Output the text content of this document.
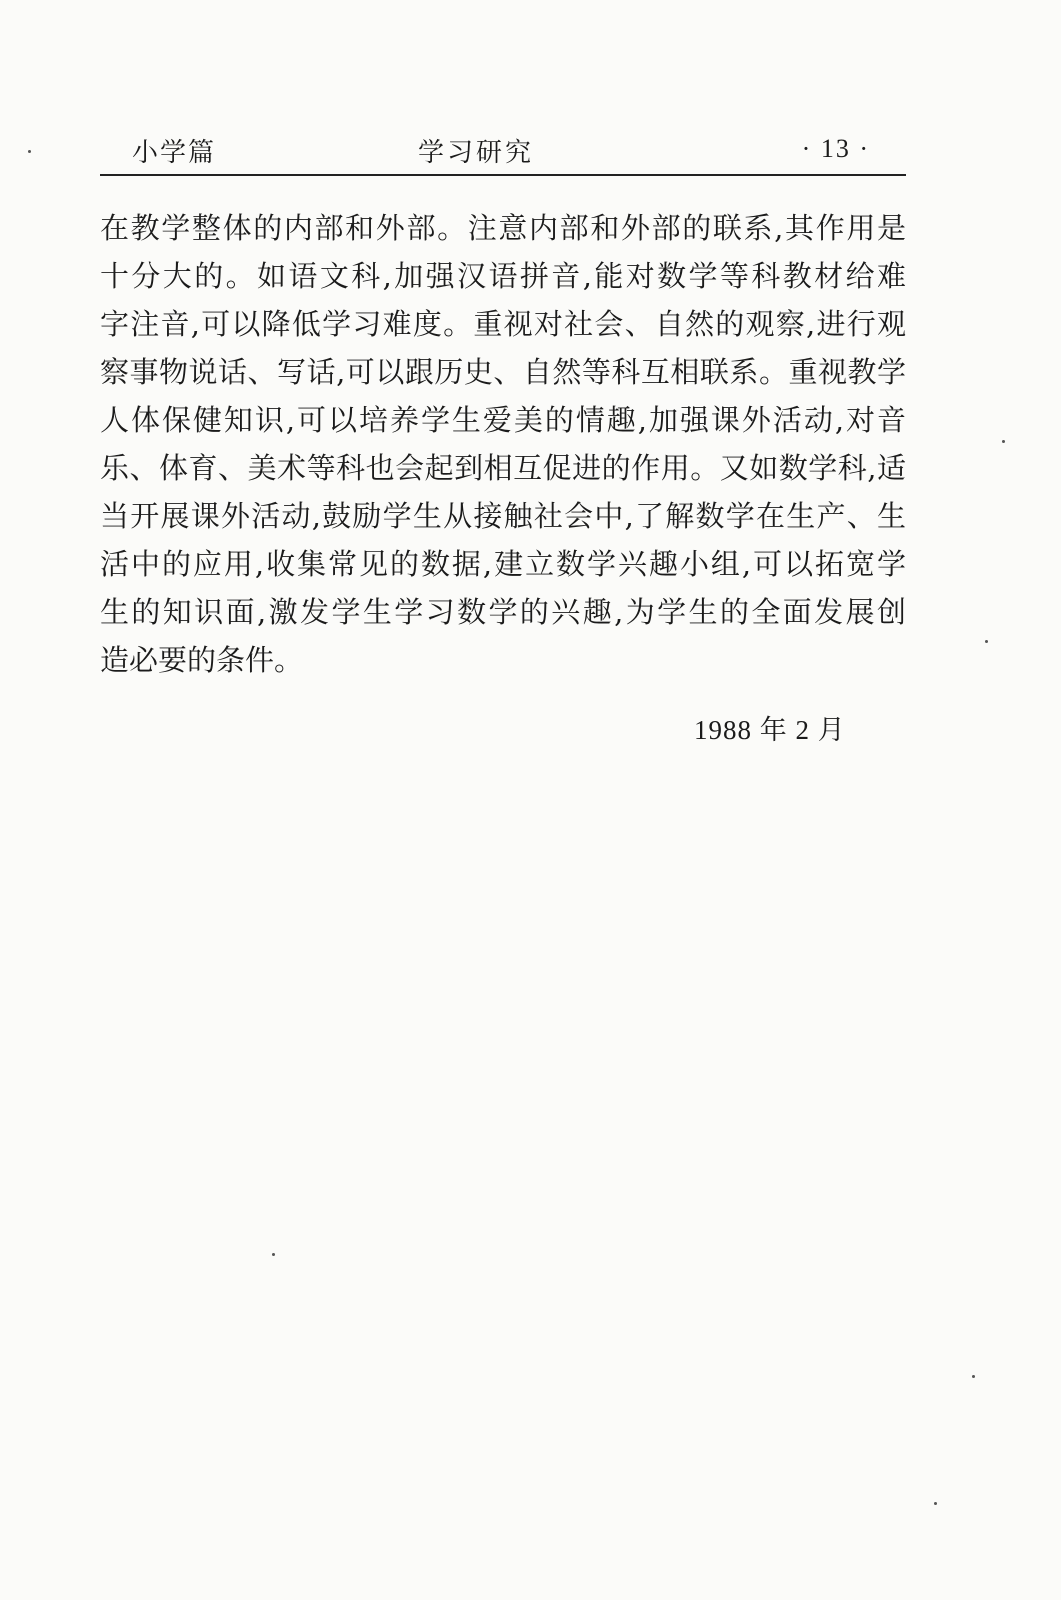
小学篇	学习研究	· 13 ·
在教学整体的内部和外部。注意内部和外部的联系,其作用是
十分大的。如语文科,加强汉语拼音,能对数学等科教材给难
字注音,可以降低学习难度。重视对社会、自然的观察,进行观
察事物说话、写话,可以跟历史、自然等科互相联系。重视教学
人体保健知识,可以培养学生爱美的情趣,加强课外活动,对音
乐、体育、美术等科也会起到相互促进的作用。又如数学科,适
当开展课外活动,鼓励学生从接触社会中,了解数学在生产、生
活中的应用,收集常见的数据,建立数学兴趣小组,可以拓宽学
生的知识面,激发学生学习数学的兴趣,为学生的全面发展创
造必要的条件。
1988 年 2 月
